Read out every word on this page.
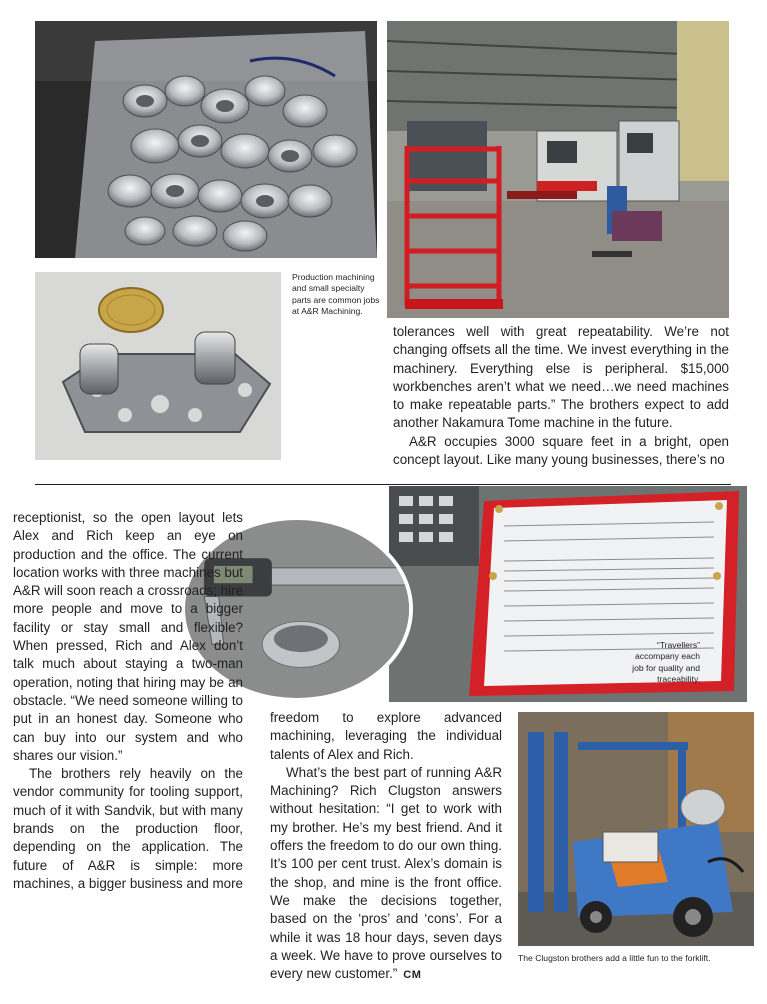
Production machining and small specialty parts are common jobs at A&R Machining.

tolerances well with great repeatability. We’re not changing offsets all the time. We invest everything in the machinery. Everything else is peripheral. $15,000 workbenches aren’t what we need…we need machines to make repeatable parts.” The brothers expect to add another Nakamura Tome machine in the future.

A&R occupies 3000 square feet in a bright, open concept layout. Like many young businesses, there’s no

“Travellers” accompany each job for quality and traceability.

receptionist, so the open layout lets Alex and Rich keep an eye on production and the office. The current location works with three machines but A&R will soon reach a crossroads; hire more people and move to a bigger facility or stay small and flexible? When pressed, Rich and Alex don’t talk much about staying a two-man operation, noting that hiring may be an obstacle. “We need someone willing to put in an honest day. Someone who can buy into our system and who shares our vision.”

The brothers rely heavily on the vendor community for tooling support, much of it with Sandvik, but with many brands on the production floor, depending on the application. The future of A&R is simple: more machines, a bigger business and more

freedom to explore advanced machining, leveraging the individual talents of Alex and Rich.

What’s the best part of running A&R Machining? Rich Clugston answers without hesitation: “I get to work with my brother. He’s my best friend. And it offers the freedom to do our own thing. It’s 100 per cent trust. Alex’s domain is the shop, and mine is the front office. We make the decisions together, based on the ‘pros’ and ‘cons’. For a while it was 18 hour days, seven days a week. We have to prove ourselves to every new customer.” CM

The Clugston brothers add a little fun to the forklift.
